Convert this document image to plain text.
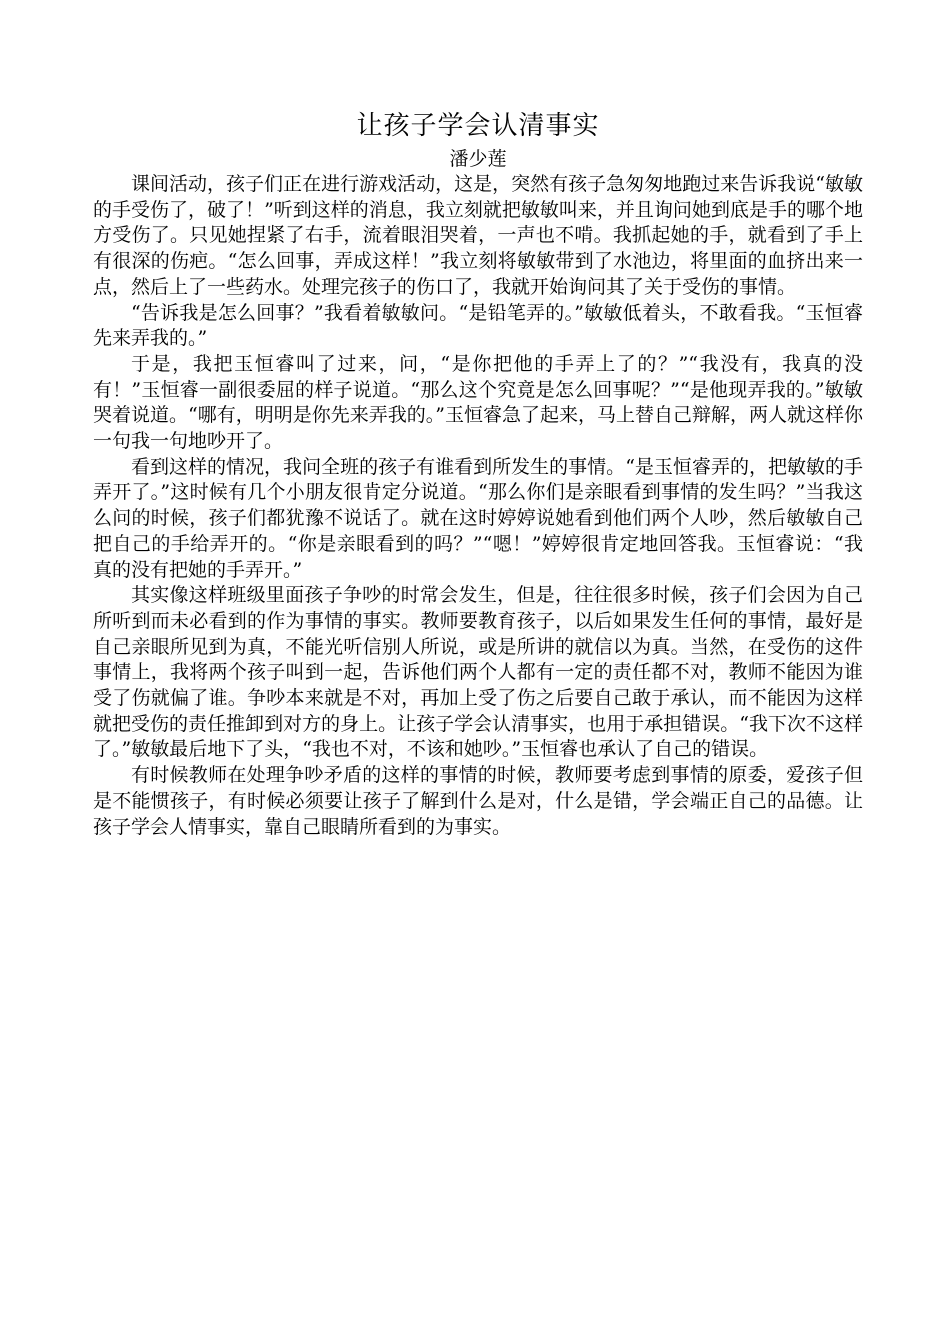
让孩子学会认清事实

潘少莲

课间活动，孩子们正在进行游戏活动，这是，突然有孩子急匆匆地跑过来告诉我说“敏敏的手受伤了，破了！”听到这样的消息，我立刻就把敏敏叫来，并且询问她到底是手的哪个地方受伤了。只见她捏紧了右手，流着眼泪哭着，一声也不啃。我抓起她的手，就看到了手上有很深的伤疤。“怎么回事，弄成这样！”我立刻将敏敏带到了水池边，将里面的血挤出来一点，然后上了一些药水。处理完孩子的伤口了，我就开始询问其了关于受伤的事情。

“告诉我是怎么回事？”我看着敏敏问。“是铅笔弄的。”敏敏低着头，不敢看我。“玉恒睿先来弄我的。”

于是，我把玉恒睿叫了过来，问，“是你把他的手弄上了的？”“我没有，我真的没有！”玉恒睿一副很委屈的样子说道。“那么这个究竟是怎么回事呢？”“是他现弄我的。”敏敏哭着说道。“哪有，明明是你先来弄我的。”玉恒睿急了起来，马上替自己辩解，两人就这样你一句我一句地吵开了。

看到这样的情况，我问全班的孩子有谁看到所发生的事情。“是玉恒睿弄的，把敏敏的手弄开了。”这时候有几个小朋友很肯定分说道。“那么你们是亲眼看到事情的发生吗？”当我这么问的时候，孩子们都犹豫不说话了。就在这时婷婷说她看到他们两个人吵，然后敏敏自己把自己的手给弄开的。“你是亲眼看到的吗？”“嗯！”婷婷很肯定地回答我。玉恒睿说：“我真的没有把她的手弄开。”

其实像这样班级里面孩子争吵的时常会发生，但是，往往很多时候，孩子们会因为自己所听到而未必看到的作为事情的事实。教师要教育孩子，以后如果发生任何的事情，最好是自己亲眼所见到为真，不能光听信别人所说，或是所讲的就信以为真。当然，在受伤的这件事情上，我将两个孩子叫到一起，告诉他们两个人都有一定的责任都不对，教师不能因为谁受了伤就偏了谁。争吵本来就是不对，再加上受了伤之后要自己敢于承认，而不能因为这样就把受伤的责任推卸到对方的身上。让孩子学会认清事实，也用于承担错误。“我下次不这样了。”敏敏最后地下了头，“我也不对，不该和她吵。”玉恒睿也承认了自己的错误。

有时候教师在处理争吵矛盾的这样的事情的时候，教师要考虑到事情的原委，爱孩子但是不能惯孩子，有时候必须要让孩子了解到什么是对，什么是错，学会端正自己的品德。让孩子学会人情事实，靠自己眼睛所看到的为事实。
